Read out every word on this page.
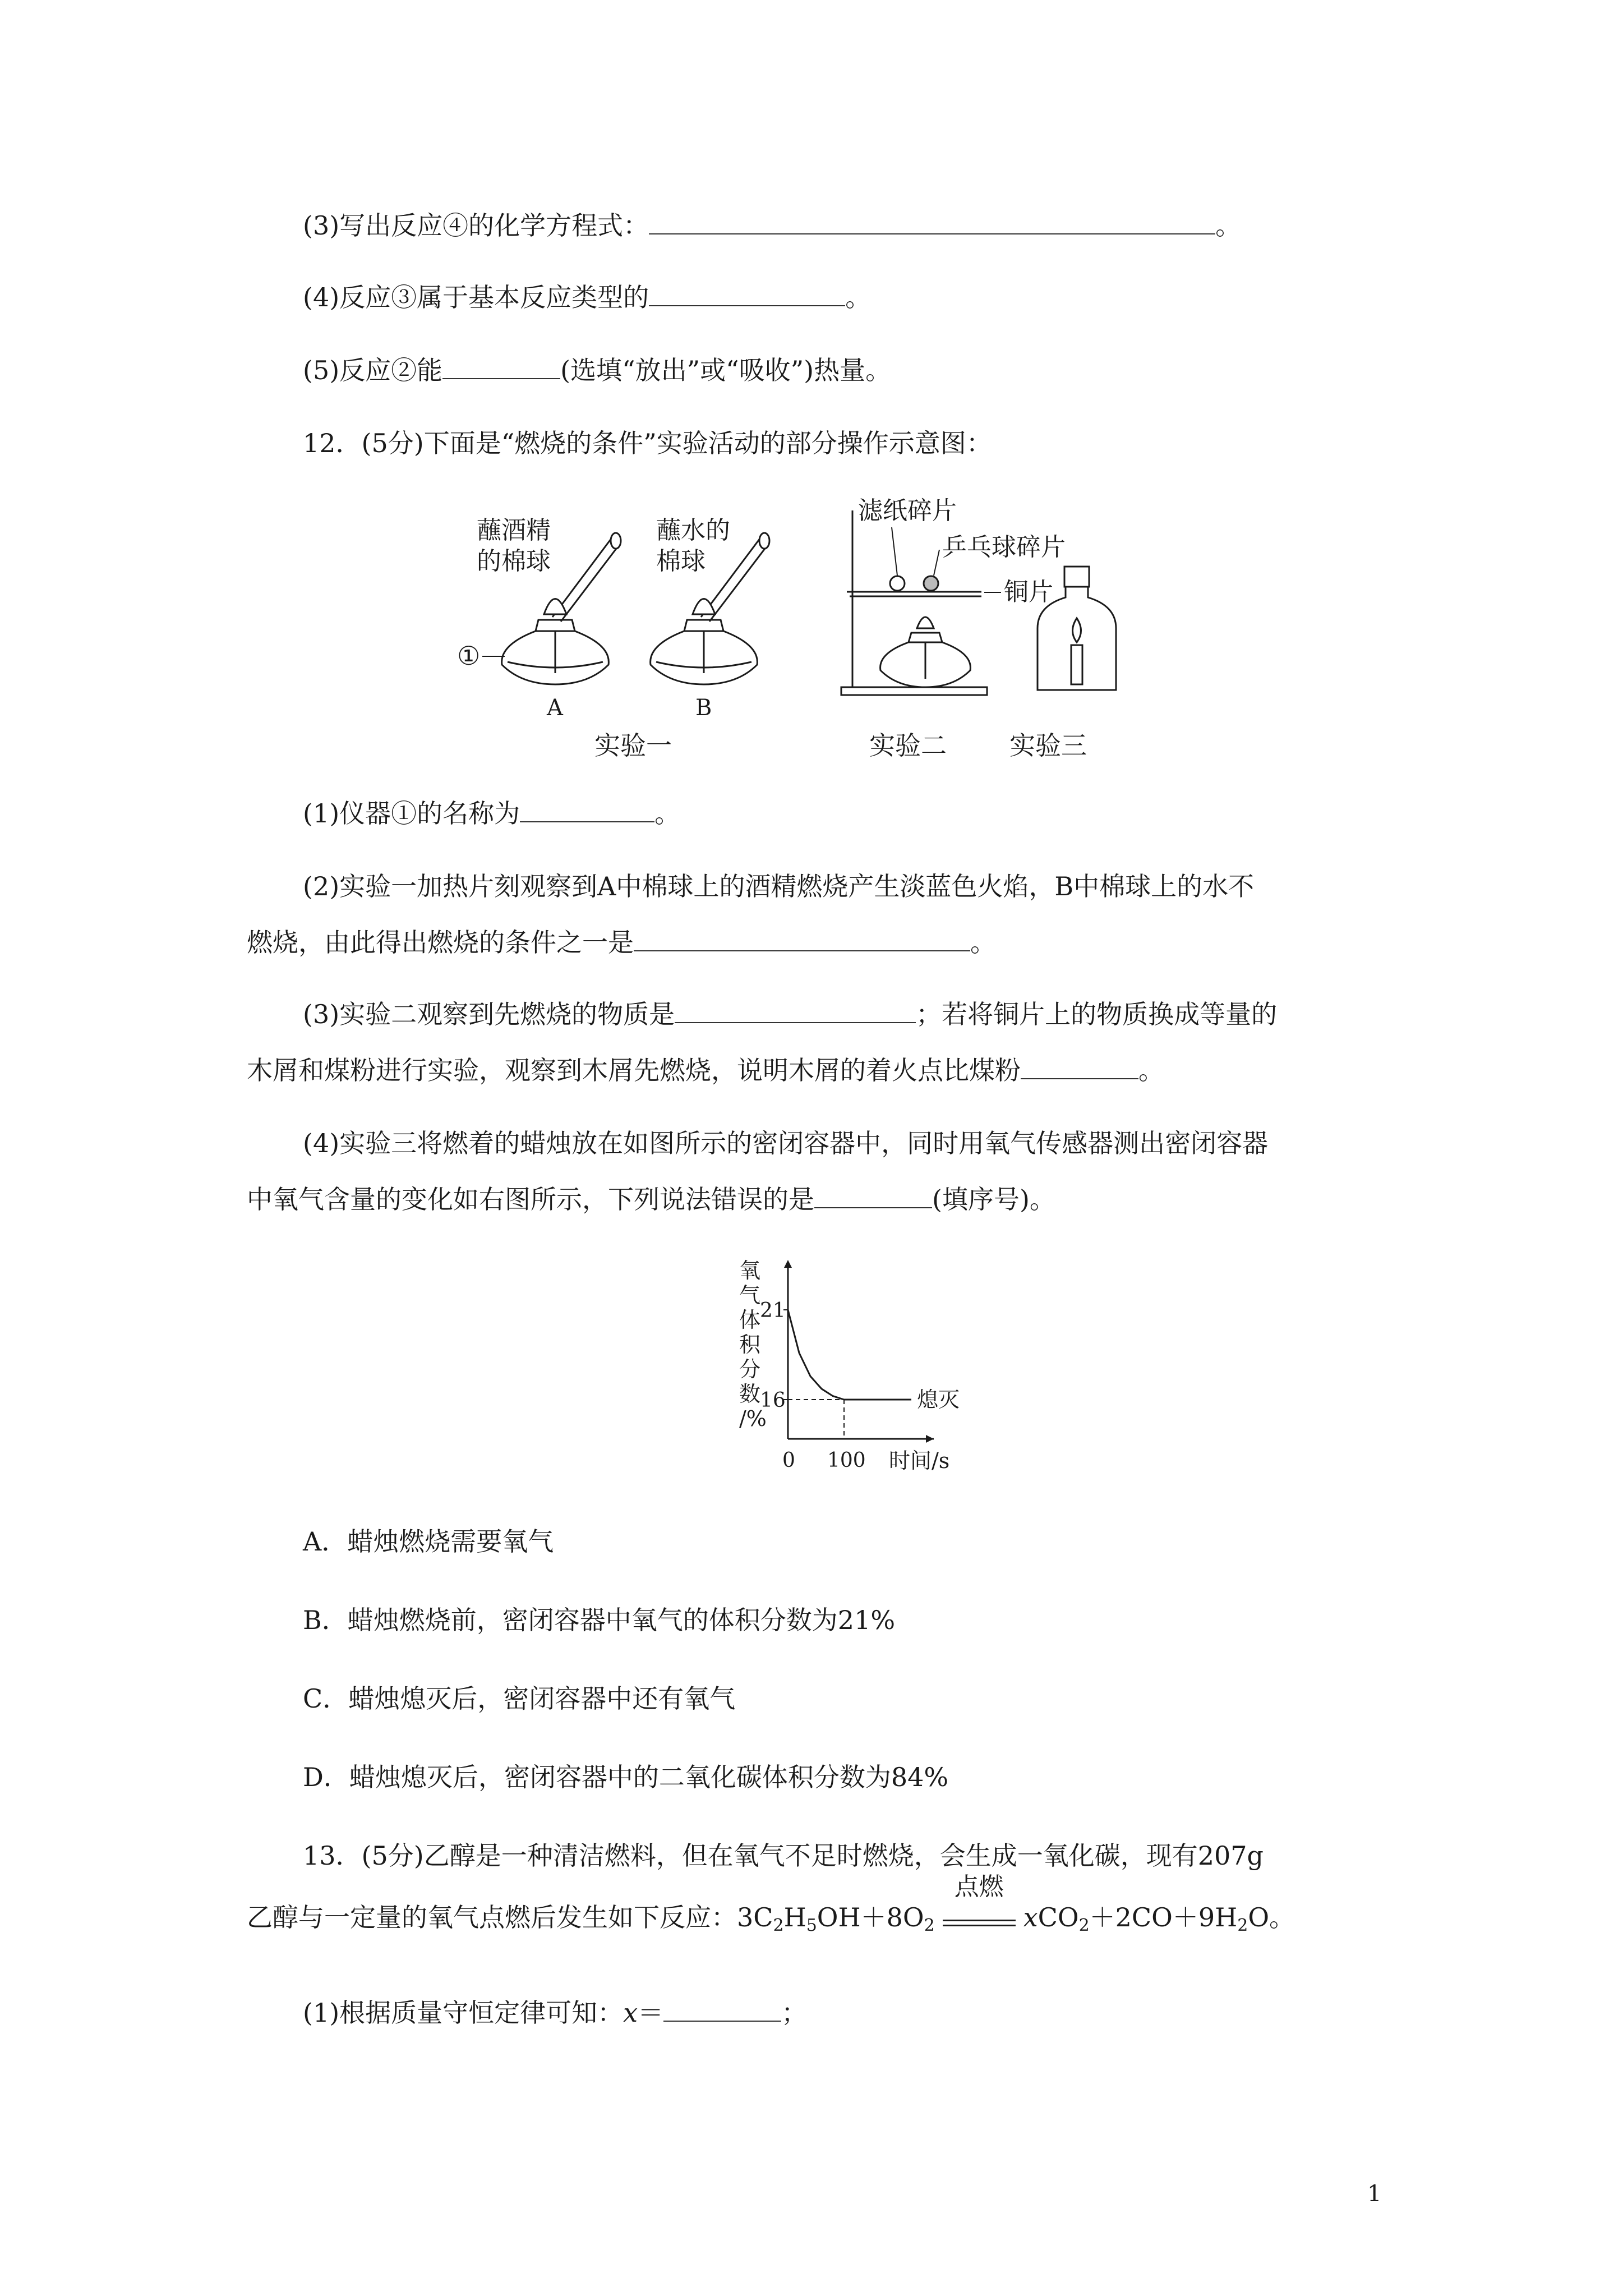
(3)写出反应④的化学方程式：	。
(4)反应③属于基本反应类型的	。
(5)反应②能	(选填“放出”或“吸收”)热量。
12．(5分)下面是“燃烧的条件”实验活动的部分操作示意图：
蘸酒精
的棉球
蘸水的
棉球
①
A	B
实验一
滤纸碎片
乒乓球碎片
铜片
实验二 实验三
(1)仪器①的名称为	。
(2)实验一加热片刻观察到A中棉球上的酒精燃烧产生淡蓝色火焰，B中棉球上的水不
燃烧，由此得出燃烧的条件之一是	。
(3)实验二观察到先燃烧的物质是	；若将铜片上的物质换成等量的
木屑和煤粉进行实验，观察到木屑先燃烧，说明木屑的着火点比煤粉	。
(4)实验三将燃着的蜡烛放在如图所示的密闭容器中，同时用氧气传感器测出密闭容器
中氧气含量的变化如右图所示，下列说法错误的是	(填序号)。
氧
气
体
积
分
数
/%
21
16
0 100 时间/s
熄灭
A．蜡烛燃烧需要氧气
B．蜡烛燃烧前，密闭容器中氧气的体积分数为21%
C．蜡烛熄灭后，密闭容器中还有氧气
D．蜡烛熄灭后，密闭容器中的二氧化碳体积分数为84%
13．(5分)乙醇是一种清洁燃料，但在氧气不足时燃烧，会生成一氧化碳，现有207g
乙醇与一定量的氧气点燃后发生如下反应：$3C_2H_5OH+8O_2$
点燃
$xCO_2+2CO+9H_2O$。
(1)根据质量守恒定律可知：x＝	；
1
